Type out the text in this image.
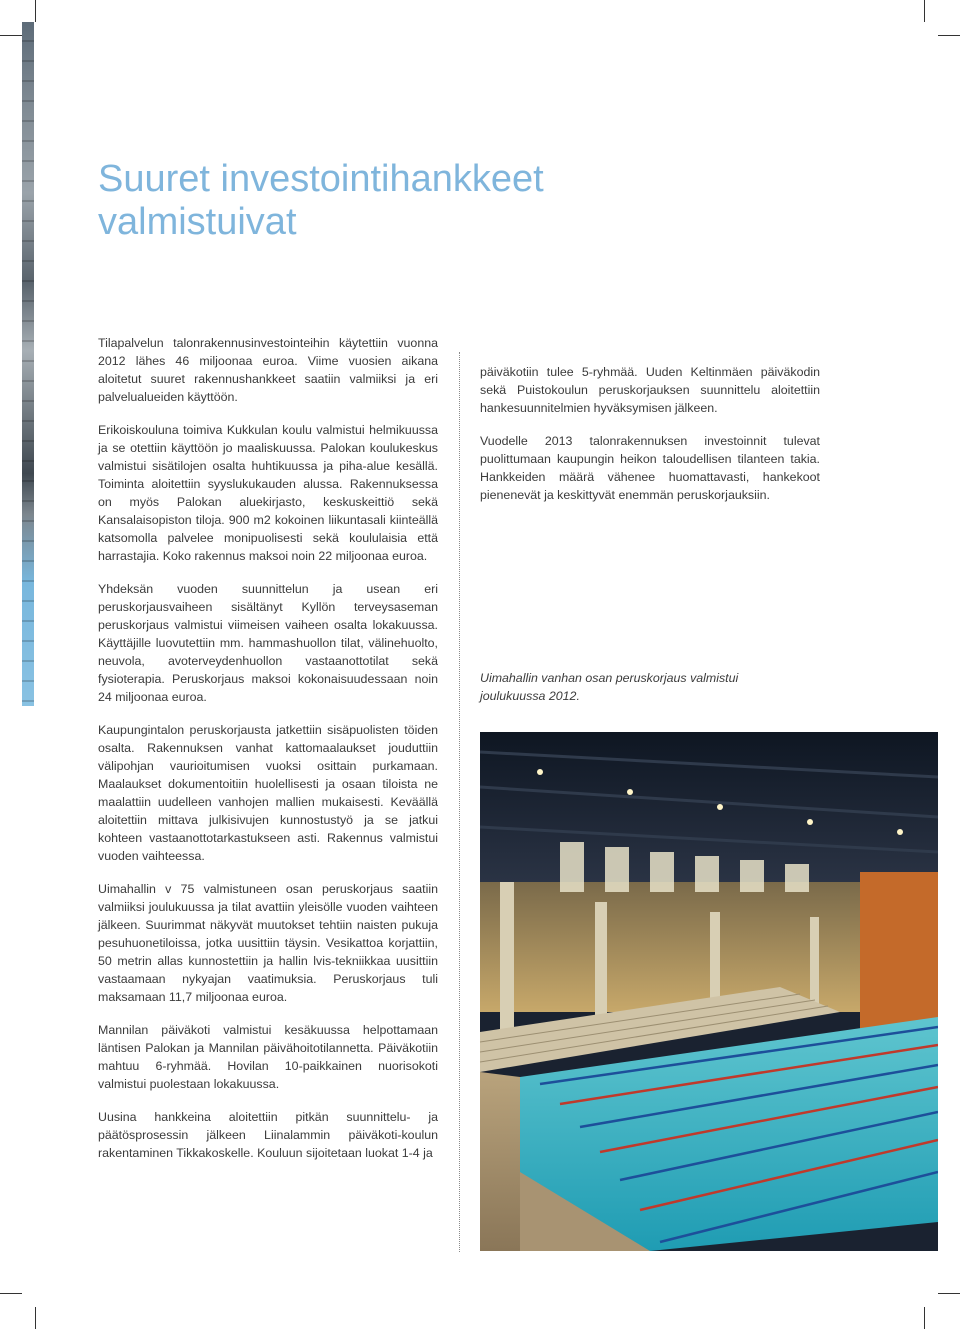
Suuret investointihankkeet
valmistuivat

Tilapalvelun talonrakennusinvestointeihin käytettiin vuonna 2012 lähes 46 miljoonaa euroa. Viime vuosien aikana aloitetut suuret rakennushankkeet saatiin valmiiksi ja eri palvelualueiden käyttöön.

Erikoiskouluna toimiva Kukkulan koulu valmistui helmikuussa ja se otettiin käyttöön jo maaliskuussa. Palokan koulukeskus valmistui sisätilojen osalta huhtikuussa ja piha-alue kesällä. Toiminta aloitettiin syyslukukauden alussa. Rakennuksessa on myös Palokan aluekirjasto, keskuskeittiö sekä Kansalaisopiston tiloja. 900 m2 kokoinen liikuntasali kiinteällä katsomolla palvelee monipuolisesti sekä koululaisia että harrastajia. Koko rakennus maksoi noin 22 miljoonaa euroa.

Yhdeksän vuoden suunnittelun ja usean eri peruskorjausvaiheen sisältänyt Kyllön terveysaseman peruskorjaus valmistui viimeisen vaiheen osalta lokakuussa. Käyttäjille luovutettiin mm. hammashuollon tilat, välinehuolto, neuvola, avoterveydenhuollon vastaanottotilat sekä fysioterapia. Peruskorjaus maksoi kokonaisuudessaan noin 24 miljoonaa euroa.

Kaupungintalon peruskorjausta jatkettiin sisäpuolisten töiden osalta. Rakennuksen vanhat kattomaalaukset jouduttiin välipohjan vaurioitumisen vuoksi osittain purkamaan. Maalaukset dokumentoitiin huolellisesti ja osaan tiloista ne maalattiin uudelleen vanhojen mallien mukaisesti. Keväällä aloitettiin mittava julkisivujen kunnostustyö ja se jatkui kohteen vastaanottotarkastukseen asti. Rakennus valmistui vuoden vaihteessa.

Uimahallin v 75 valmistuneen osan peruskorjaus saatiin valmiiksi joulukuussa ja tilat avattiin yleisölle vuoden vaihteen jälkeen. Suurimmat näkyvät muutokset tehtiin naisten pukuja pesuhuonetiloissa, jotka uusittiin täysin. Vesikattoa korjattiin, 50 metrin allas kunnostettiin ja hallin lvis-tekniikkaa uusittiin vastaamaan nykyajan vaatimuksia. Peruskorjaus tuli maksamaan 11,7 miljoonaa euroa.

Mannilan päiväkoti valmistui kesäkuussa helpottamaan läntisen Palokan ja Mannilan päivähoitotilannetta. Päiväkotiin mahtuu 6-ryhmää. Hovilan 10-paikkainen nuorisokoti valmistui puolestaan lokakuussa.

Uusina hankkeina aloitettiin pitkän suunnittelu- ja päätösprosessin jälkeen Liinalammin päiväkoti-koulun rakentaminen Tikkakoskelle. Kouluun sijoitetaan luokat 1-4 ja

päiväkotiin tulee 5-ryhmää. Uuden Keltinmäen päiväkodin sekä Puistokoulun peruskorjauksen suunnittelu aloitettiin hankesuunnitelmien hyväksymisen jälkeen.

Vuodelle 2013 talonrakennuksen investoinnit tulevat puolittumaan kaupungin heikon taloudellisen tilanteen takia. Hankkeiden määrä vähenee huomattavasti, hankekoot pienenevät ja keskittyvät enemmän peruskorjauksiin.

Uimahallin vanhan osan peruskorjaus valmistui
joulukuussa 2012.
